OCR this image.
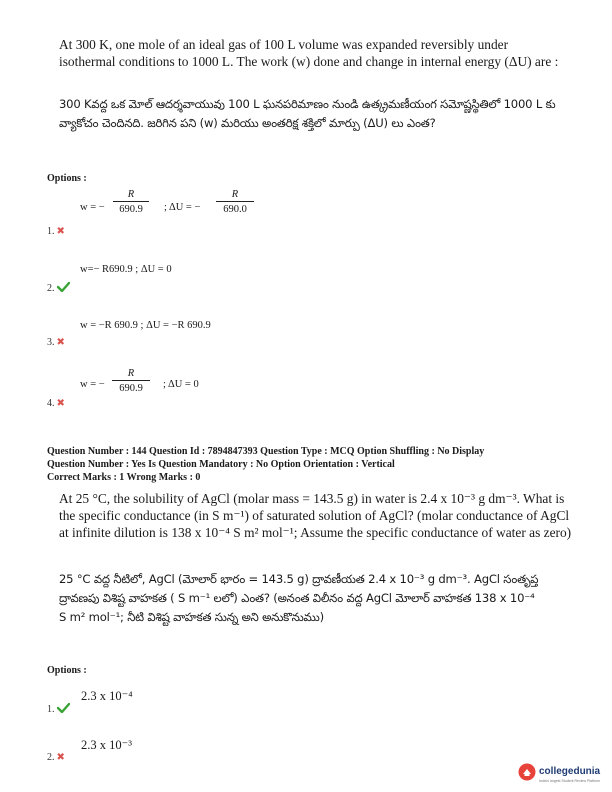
At 300 K, one mole of an ideal gas of 100 L volume was expanded reversibly under isothermal conditions to 1000 L. The work (w) done and change in internal energy (ΔU) are :
300 Kవద్ద ఒక మోల్ ఆదర్శవాయువు 100 L ఘనపరిమాణం నుండి ఉత్క్రమణీయంగ సమోష్ణస్థితిలో 1000 L కు వ్యాకోచం చెందినది. జరిగిన పని (w) మరియు అంతరిక్ష శక్తిలో మార్పు (ΔU) లు ఎంత?
Options :
w = − $\frac{R}{690.9}$ ; ΔU = − $\frac{R}{690.0}$
1. ✖
w=− R690.9 ; ΔU = 0
2.
w = −R 690.9 ; ΔU = −R 690.9
3. ✖
w = − $\frac{R}{690.9}$ ; ΔU = 0
4. ✖
Question Number : 144 Question Id : 7894847393 Question Type : MCQ Option Shuffling : No Display
Question Number : Yes Is Question Mandatory : No Option Orientation : Vertical
Correct Marks : 1 Wrong Marks : 0
At 25 °C, the solubility of AgCl (molar mass = 143.5 g) in water is 2.4 x 10⁻³ g dm⁻³. What is the specific conductance (in S m⁻¹) of saturated solution of AgCl? (molar conductance of AgCl at infinite dilution is 138 x 10⁻⁴ S m² mol⁻¹; Assume the specific conductance of water as zero)
25 °C వద్ద నీటిలో, AgCl (మోలార్ భారం = 143.5 g) ద్రావణీయత 2.4 x 10⁻³ g dm⁻³. AgCl సంతృప్త ద్రావణపు విశిష్ట వాహకత ( S m⁻¹ లలో) ఎంత? (అనంత విలీనం వద్ద AgCl మోలార్ వాహకత 138 x 10⁻⁴ S m² mol⁻¹; నీటి విశిష్ట వాహకత సున్న అని అనుకొనుము)
Options :
2.3 x 10⁻⁴
1.
2.3 x 10⁻³
2. ✖
collegedunia
India's largest Student Review Platform
